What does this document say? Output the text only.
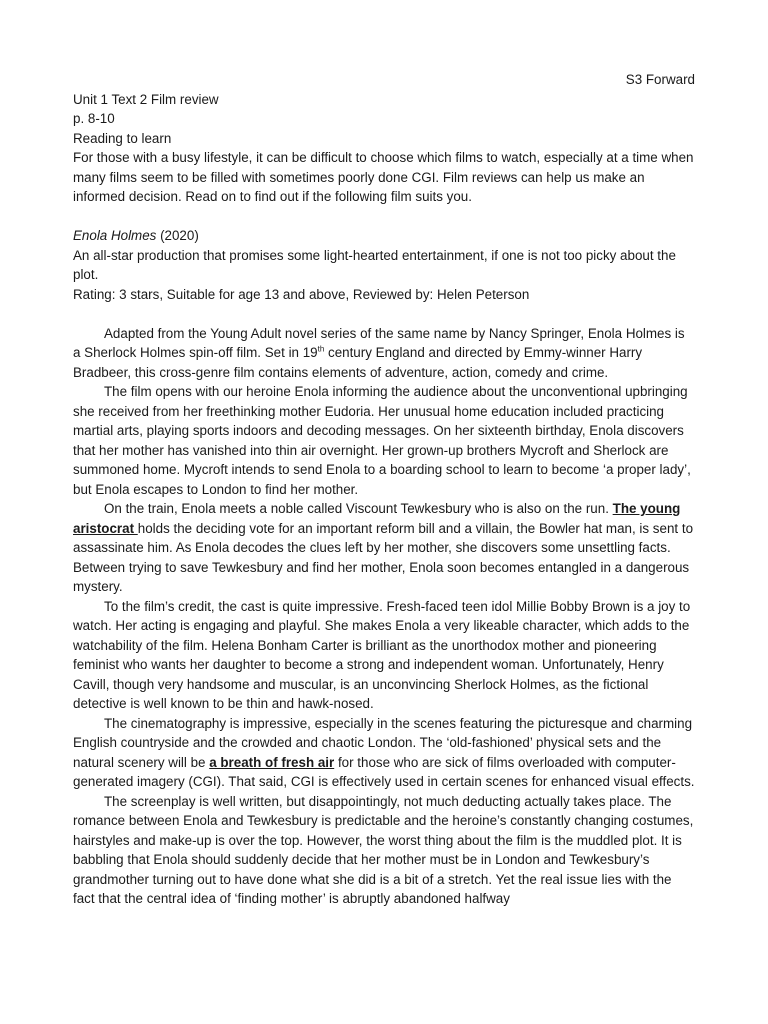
S3 Forward
Unit 1 Text 2 Film review
p. 8-10
Reading to learn
For those with a busy lifestyle, it can be difficult to choose which films to watch, especially at a time when many films seem to be filled with sometimes poorly done CGI. Film reviews can help us make an informed decision. Read on to find out if the following film suits you.
Enola Holmes (2020)
An all-star production that promises some light-hearted entertainment, if one is not too picky about the plot.
Rating: 3 stars, Suitable for age 13 and above, Reviewed by: Helen Peterson

Adapted from the Young Adult novel series of the same name by Nancy Springer, Enola Holmes is a Sherlock Holmes spin-off film. Set in 19th century England and directed by Emmy-winner Harry Bradbeer, this cross-genre film contains elements of adventure, action, comedy and crime.

The film opens with our heroine Enola informing the audience about the unconventional upbringing she received from her freethinking mother Eudoria. Her unusual home education included practicing martial arts, playing sports indoors and decoding messages. On her sixteenth birthday, Enola discovers that her mother has vanished into thin air overnight. Her grown-up brothers Mycroft and Sherlock are summoned home. Mycroft intends to send Enola to a boarding school to learn to become ‘a proper lady’, but Enola escapes to London to find her mother.

On the train, Enola meets a noble called Viscount Tewkesbury who is also on the run. The young aristocrat holds the deciding vote for an important reform bill and a villain, the Bowler hat man, is sent to assassinate him. As Enola decodes the clues left by her mother, she discovers some unsettling facts. Between trying to save Tewkesbury and find her mother, Enola soon becomes entangled in a dangerous mystery.

To the film’s credit, the cast is quite impressive. Fresh-faced teen idol Millie Bobby Brown is a joy to watch. Her acting is engaging and playful. She makes Enola a very likeable character, which adds to the watchability of the film. Helena Bonham Carter is brilliant as the unorthodox mother and pioneering feminist who wants her daughter to become a strong and independent woman. Unfortunately, Henry Cavill, though very handsome and muscular, is an unconvincing Sherlock Holmes, as the fictional detective is well known to be thin and hawk-nosed.

The cinematography is impressive, especially in the scenes featuring the picturesque and charming English countryside and the crowded and chaotic London. The ‘old-fashioned’ physical sets and the natural scenery will be a breath of fresh air for those who are sick of films overloaded with computer-generated imagery (CGI). That said, CGI is effectively used in certain scenes for enhanced visual effects.

The screenplay is well written, but disappointingly, not much deducting actually takes place. The romance between Enola and Tewkesbury is predictable and the heroine’s constantly changing costumes, hairstyles and make-up is over the top. However, the worst thing about the film is the muddled plot. It is babbling that Enola should suddenly decide that her mother must be in London and Tewkesbury’s grandmother turning out to have done what she did is a bit of a stretch. Yet the real issue lies with the fact that the central idea of ‘finding mother’ is abruptly abandoned halfway
